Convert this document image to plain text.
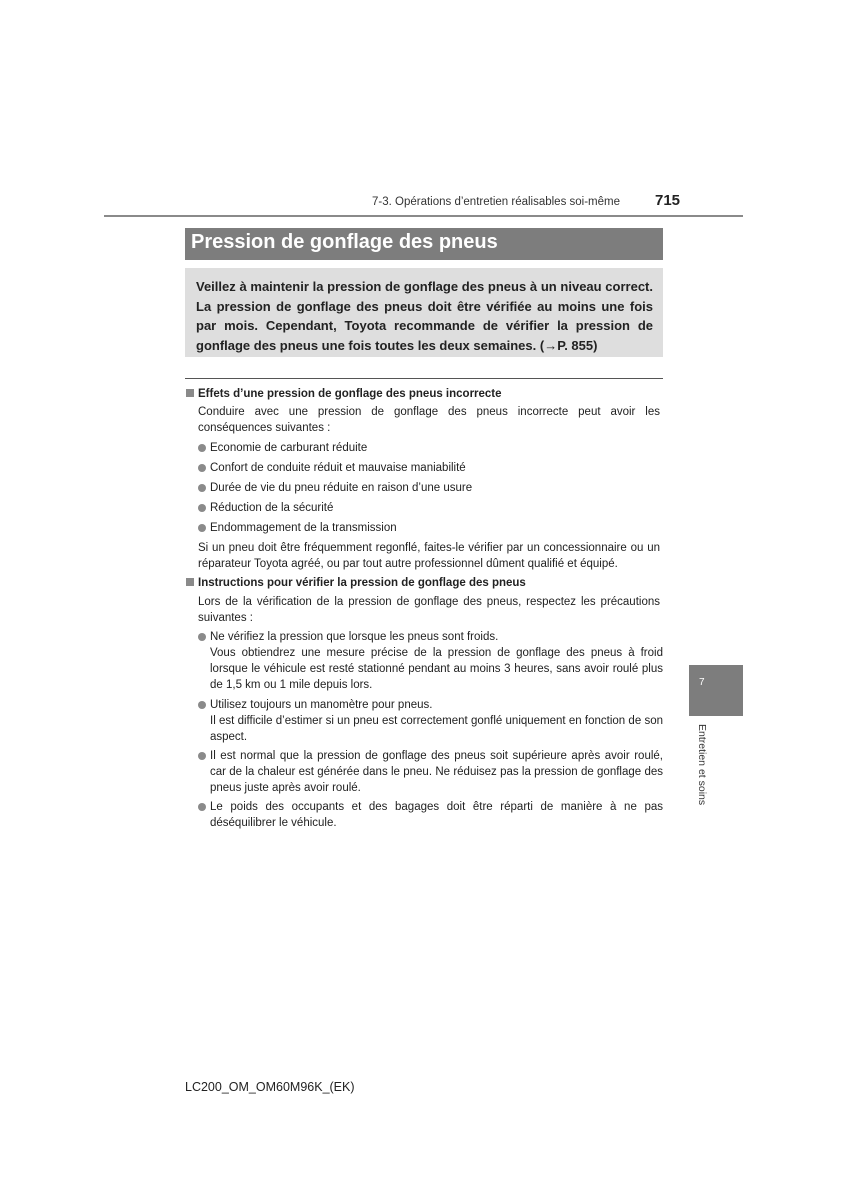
7-3. Opérations d’entretien réalisables soi-même 715
Pression de gonflage des pneus
Veillez à maintenir la pression de gonflage des pneus à un niveau correct. La pression de gonflage des pneus doit être vérifiée au moins une fois par mois. Cependant, Toyota recommande de vérifier la pression de gonflage des pneus une fois toutes les deux semaines. (→P. 855)
Effets d’une pression de gonflage des pneus incorrecte
Conduire avec une pression de gonflage des pneus incorrecte peut avoir les conséquences suivantes :
Economie de carburant réduite
Confort de conduite réduit et mauvaise maniabilité
Durée de vie du pneu réduite en raison d’une usure
Réduction de la sécurité
Endommagement de la transmission
Si un pneu doit être fréquemment regonflé, faites-le vérifier par un concessionnaire ou un réparateur Toyota agréé, ou par tout autre professionnel dûment qualifié et équipé.
Instructions pour vérifier la pression de gonflage des pneus
Lors de la vérification de la pression de gonflage des pneus, respectez les précautions suivantes :
Ne vérifiez la pression que lorsque les pneus sont froids.
Vous obtiendrez une mesure précise de la pression de gonflage des pneus à froid lorsque le véhicule est resté stationné pendant au moins 3 heures, sans avoir roulé plus de 1,5 km ou 1 mile depuis lors.
Utilisez toujours un manomètre pour pneus.
Il est difficile d’estimer si un pneu est correctement gonflé uniquement en fonction de son aspect.
Il est normal que la pression de gonflage des pneus soit supérieure après avoir roulé, car de la chaleur est générée dans le pneu. Ne réduisez pas la pression de gonflage des pneus juste après avoir roulé.
Le poids des occupants et des bagages doit être réparti de manière à ne pas déséquilibrer le véhicule.
7
Entretien et soins
LC200_OM_OM60M96K_(EK)
